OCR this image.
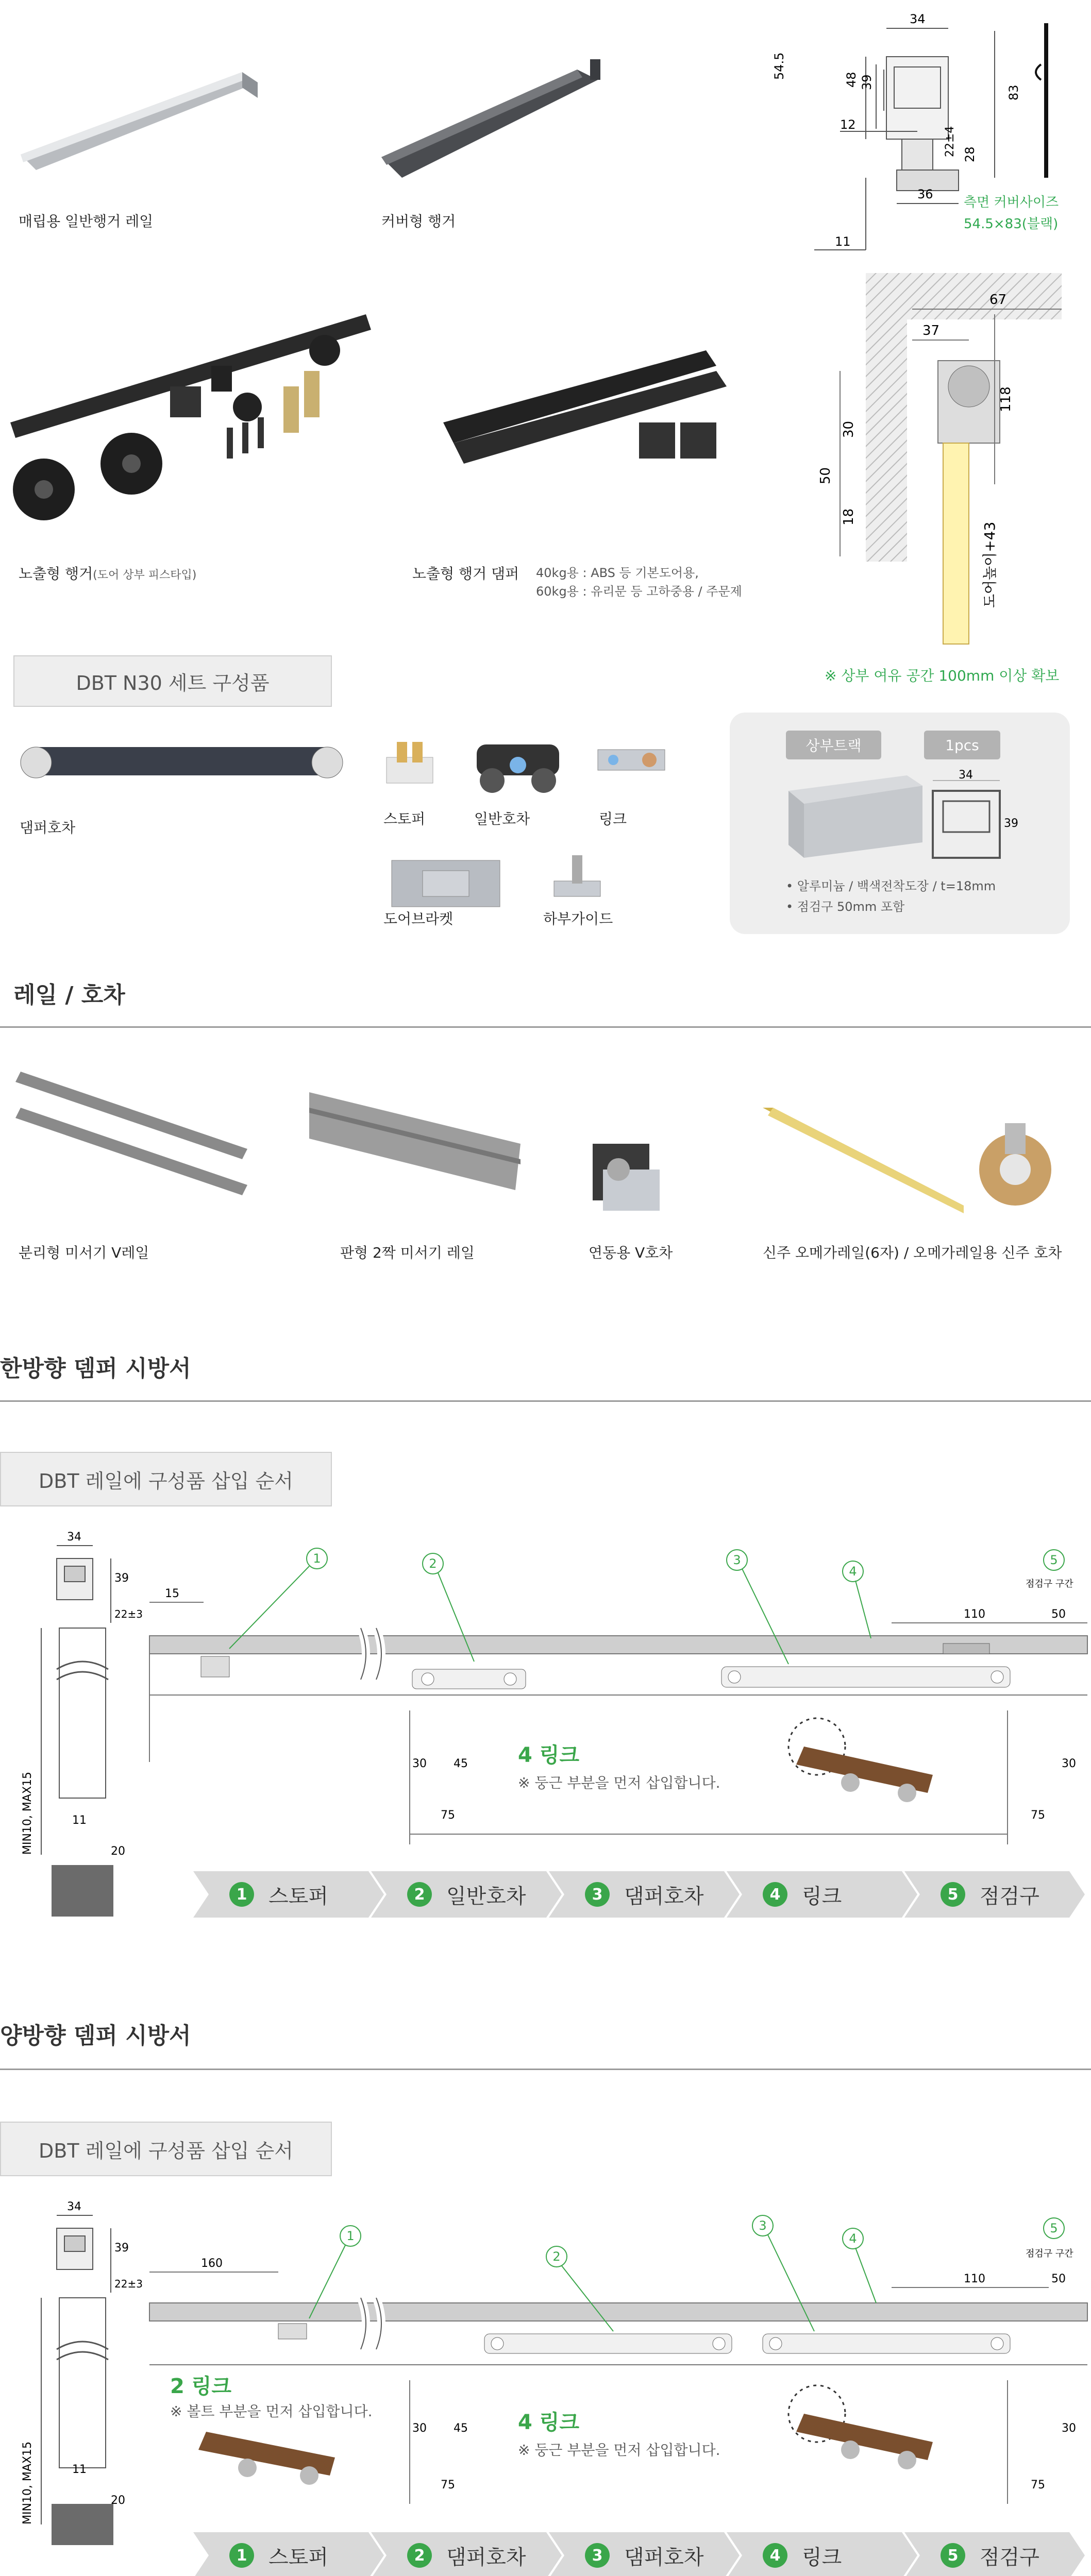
매립용 일반행거 레일	커버형 행거
34
54.5	48 39
83
12
22±4 28
36
11
측면 커버사이즈
54.5×83(블랙)
노출형 행거(도어 상부 피스타입)	노출형 행거 댐퍼 40kg용 : ABS 등 기본도어용,
60kg용 : 유리문 등 고하중용 / 주문제
67
37
30
118
50
18
도어높이+43
※ 상부 여유 공간 100mm 이상 확보
DBT N30 세트 구성품
댐퍼호차
스토퍼	일반호차	링크
도어브라켓	하부가이드
상부트랙	1pcs
34
39
• 알루미늄 / 백색전착도장 / t=18mm
• 점검구 50mm 포함
레일 / 호차
분리형 미서기 V레일	판형 2짝 미서기 레일	연동용 V호차	신주 오메가레일(6자) / 오메가레일용 신주 호차
한방향 뎀퍼 시방서
DBT 레일에 구성품 삽입 순서
34
39
22±3
MIN10, MAX15	11
20
1	2	3
4
5
점검구 구간
15
110	50
30 45
75
30
75
4 링크
※ 둥근 부분을 먼저 삽입합니다.
1	스토퍼	2	일반호차	3	댐퍼호차	4	링크	5	점검구
양방향 뎀퍼 시방서
DBT 레일에 구성품 삽입 순서
34
39
22±3
MIN10, MAX15	11
20
1
2
3
4
5
점검구 구간
160
110	50
30 45
75
30
75
2 링크
※ 볼트 부분을 먼저 삽입합니다.	4 링크
※ 둥근 부분을 먼저 삽입합니다.
1	스토퍼	2	댐퍼호차	3	댐퍼호차	4	링크	5	점검구
